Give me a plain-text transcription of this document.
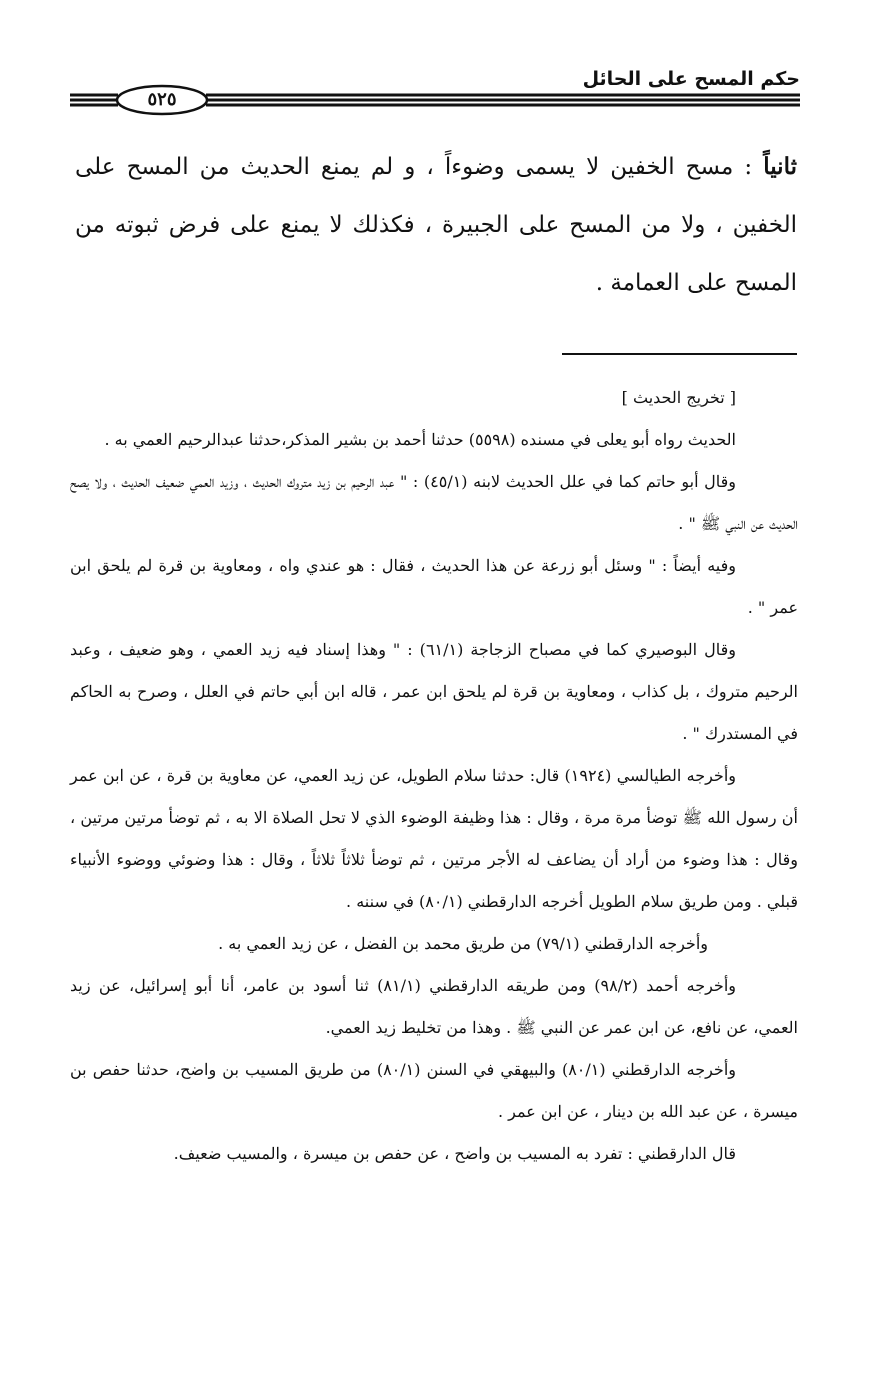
حكم المسح على الحائل
٥٢٥
ثانياً : مسح الخفين لا يسمى وضوءاً ، و لم يمنع الحديث من المسح على الخفين ، ولا من المسح على الجبيرة ، فكذلك لا يمنع على فرض ثبوته من المسح على العمامة .

[ تخريج الحديث ]

الحديث رواه أبو يعلى في مسنده (٥٥٩٨) حدثنا أحمد بن بشير المذكر،حدثنا عبدالرحيم العمي به .

وقال أبو حاتم كما في علل الحديث لابنه (٤٥/١) : " عبد الرحيم بن زيد متروك الحديث ، وزيد العمي ضعيف الحديث ، ولا يصح الحديث عن النبي ﷺ " .

وفيه أيضاً : " وسئل أبو زرعة عن هذا الحديث ، فقال : هو عندي واه ، ومعاوية بن قرة لم يلحق ابن عمر " .

وقال البوصيري كما في مصباح الزجاجة (٦١/١) : " وهذا إسناد فيه زيد العمي ، وهو ضعيف ، وعبد الرحيم متروك ، بل كذاب ، ومعاوية بن قرة لم يلحق ابن عمر ، قاله ابن أبي حاتم في العلل ، وصرح به الحاكم في المستدرك " .

وأخرجه الطيالسي (١٩٢٤) قال: حدثنا سلام الطويل، عن زيد العمي، عن معاوية بن قرة ، عن ابن عمر أن رسول الله ﷺ توضأ مرة مرة ، وقال : هذا وظيفة الوضوء الذي لا تحل الصلاة الا به ، ثم توضأ مرتين مرتين ، وقال : هذا وضوء من أراد أن يضاعف له الأجر مرتين ، ثم توضأ ثلاثاً ثلاثاً ، وقال : هذا وضوئي ووضوء الأنبياء قبلي . ومن طريق سلام الطويل أخرجه الدارقطني (٨٠/١) في سننه .

وأخرجه الدارقطني (٧٩/١) من طريق محمد بن الفضل ، عن زيد العمي به .

وأخرجه أحمد (٩٨/٢) ومن طريقه الدارقطني (٨١/١) ثنا أسود بن عامر، أنا أبو إسرائيل، عن زيد العمي، عن نافع، عن ابن عمر عن النبي ﷺ . وهذا من تخليط زيد العمي.

وأخرجه الدارقطني (٨٠/١) والبيهقي في السنن (٨٠/١) من طريق المسيب بن واضح، حدثنا حفص بن ميسرة ، عن عبد الله بن دينار ، عن ابن عمر .

قال الدارقطني : تفرد به المسيب بن واضح ، عن حفص بن ميسرة ، والمسيب ضعيف.
